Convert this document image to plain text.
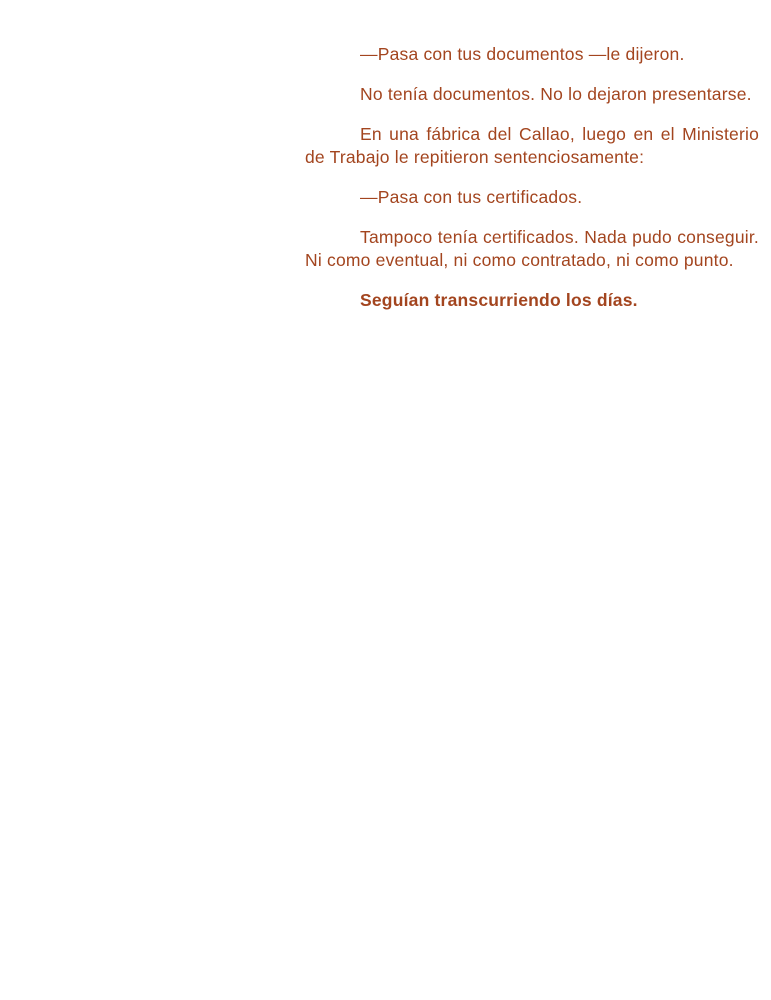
—Pasa con tus documentos —le dijeron.

No tenía documentos. No lo dejaron presentarse.

En una fábrica del Callao, luego en el Ministerio de Trabajo le repitieron sentenciosamente:

—Pasa con tus certificados.

Tampoco tenía certificados. Nada pudo conseguir. Ni como eventual, ni como contratado, ni como punto.

Seguían transcurriendo los días.
